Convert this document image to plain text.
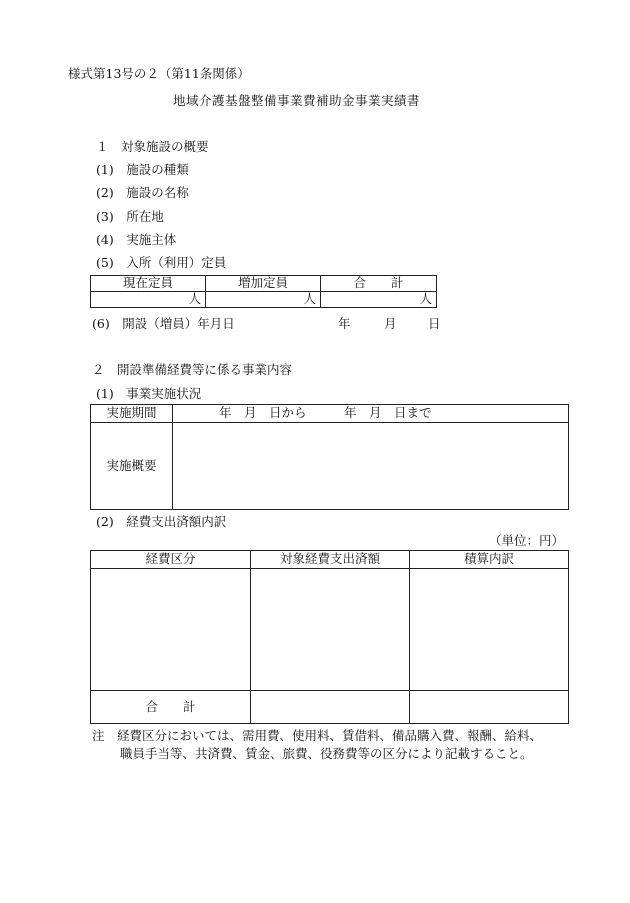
様式第13号の２（第11条関係）
地域介護基盤整備事業費補助金事業実績書
１　対象施設の概要
(1)　施設の種類
(2)　施設の名称
(3)　所在地
(4)　実施主体
(5)　入所（利用）定員
現在定員	増加定員	合　　計
人	人	人
(6)　開設（増員）年月日	年	月	日
２　開設準備経費等に係る事業内容
(1)　事業実施状況
実施期間	年　月　日から　　　年　月　日まで
実施概要	
(2)　経費支出済額内訳
（単位：円）
経費区分	対象経費支出済額	積算内訳

合　　計		
注　経費区分においては、需用費、使用料、賃借料、備品購入費、報酬、給料、
職員手当等、共済費、賃金、旅費、役務費等の区分により記載すること。
